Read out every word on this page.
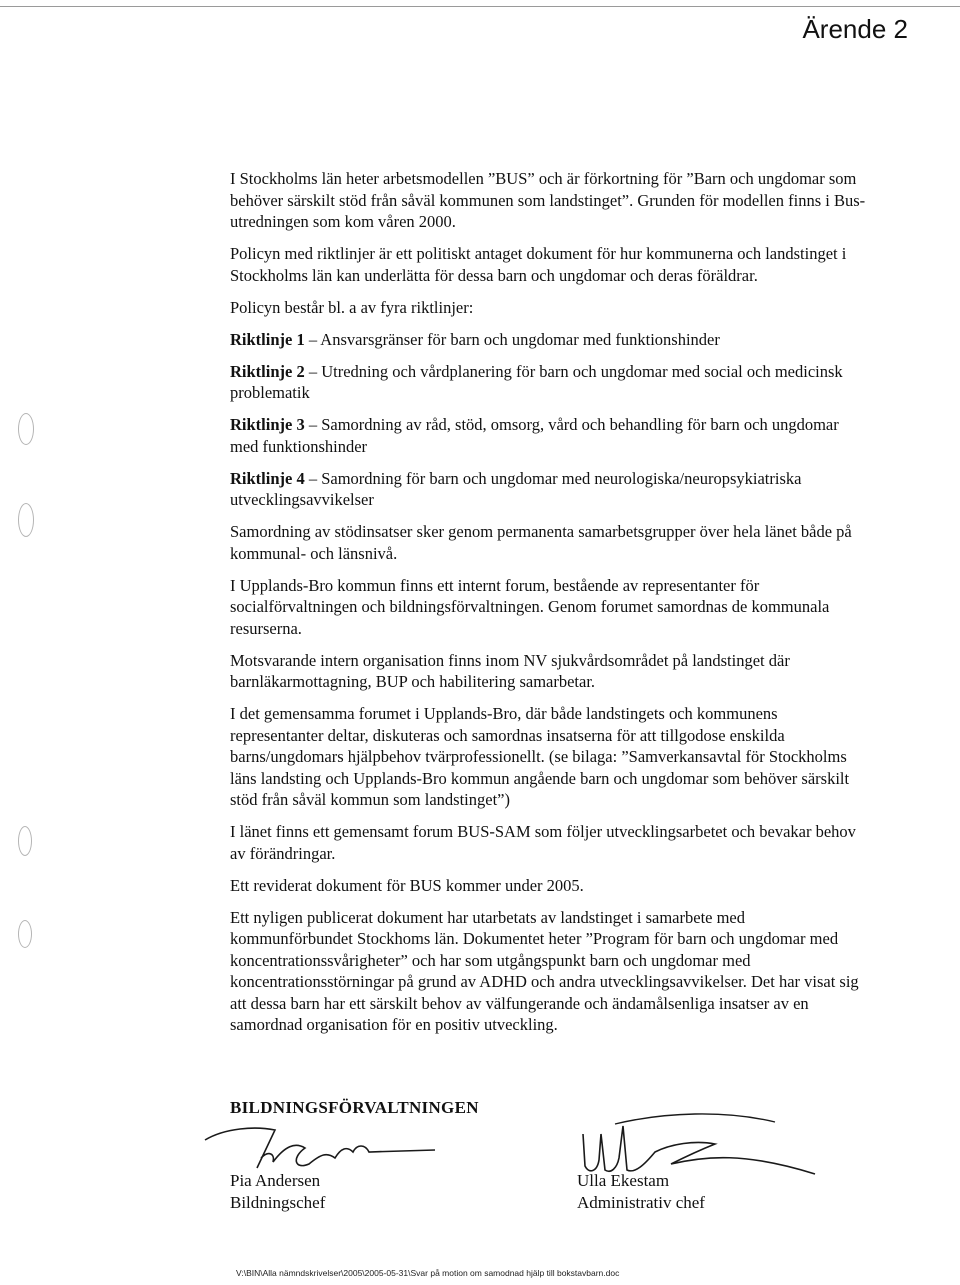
Ärende 2

I Stockholms län heter arbetsmodellen ”BUS” och är förkortning för ”Barn och ungdomar som behöver särskilt stöd från såväl kommunen som landstinget”. Grunden för modellen finns i Bus-utredningen som kom våren 2000.

Policyn med riktlinjer är ett politiskt antaget dokument för hur kommunerna och landstinget i Stockholms län kan underlätta för dessa barn och ungdomar och deras föräldrar.

Policyn består bl. a av fyra riktlinjer:

Riktlinje 1 – Ansvarsgränser för barn och ungdomar med funktionshinder

Riktlinje 2 – Utredning och vårdplanering för barn och ungdomar med social och medicinsk problematik

Riktlinje 3 – Samordning av råd, stöd, omsorg, vård och behandling för barn och ungdomar med funktionshinder

Riktlinje 4 – Samordning för barn och ungdomar med neurologiska/neuropsykiatriska utvecklingsavvikelser

Samordning av stödinsatser sker genom permanenta samarbetsgrupper över hela länet både på kommunal- och länsnivå.

I Upplands-Bro kommun finns ett internt forum, bestående av representanter för socialförvaltningen och bildningsförvaltningen. Genom forumet samordnas de kommunala resurserna.

Motsvarande intern organisation finns inom NV sjukvårdsområdet på landstinget där barnläkarmottagning, BUP och habilitering samarbetar.

I det gemensamma forumet i Upplands-Bro, där både landstingets och kommunens representanter deltar, diskuteras och samordnas insatserna för att tillgodose enskilda barns/ungdomars hjälpbehov tvärprofessionellt. (se bilaga: ”Samverkansavtal för Stockholms läns landsting och Upplands-Bro kommun angående barn och ungdomar som behöver särskilt stöd från såväl kommun som landstinget”)

I länet finns ett gemensamt forum BUS-SAM som följer utvecklingsarbetet och bevakar behov av förändringar.

Ett reviderat dokument för BUS kommer under 2005.

Ett nyligen publicerat dokument har utarbetats av landstinget i samarbete med kommunförbundet Stockhoms län. Dokumentet heter ”Program för barn och ungdomar med koncentrationssvårigheter” och har som utgångspunkt barn och ungdomar med koncentrationsstörningar på grund av ADHD och andra utvecklingsavvikelser. Det har visat sig att dessa barn har ett särskilt behov av välfungerande och ändamålsenliga insatser av en samordnad organisation för en positiv utveckling.

BILDNINGSFÖRVALTNINGEN
Pia Andersen
Bildningschef
Ulla Ekestam
Administrativ chef
V:\BIN\Alla nämndskrivelser\2005\2005-05-31\Svar på motion om samodnad hjälp till bokstavbarn.doc
